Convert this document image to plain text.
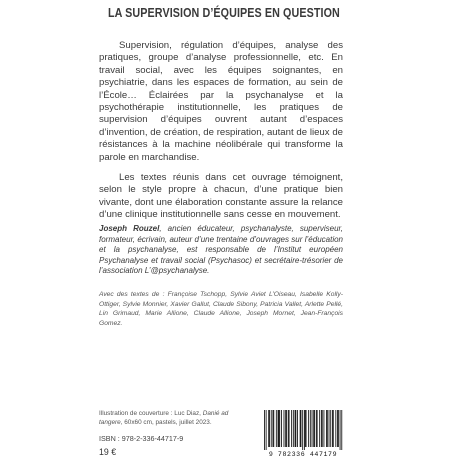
LA SUPERVISION D’ÉQUIPES EN QUESTION

Supervision, régulation d’équipes, analyse des pratiques, groupe d’analyse professionnelle, etc. En travail social, avec les équipes soignantes, en psychiatrie, dans les espaces de formation, au sein de l’École… Éclairées par la psychanalyse et la psychothérapie institutionnelle, les pratiques de supervision d’équipes ouvrent autant d’espaces d’invention, de création, de respiration, autant de lieux de résistances à la machine néolibérale qui transforme la parole en marchandise.

Les textes réunis dans cet ouvrage témoignent, selon le style propre à chacun, d’une pratique bien vivante, dont une élaboration constante assure la relance d’une clinique institutionnelle sans cesse en mouvement.

Joseph Rouzel, ancien éducateur, psychanalyste, superviseur, formateur, écrivain, auteur d’une trentaine d’ouvrages sur l’éducation et la psychanalyse, est responsable de l’Institut européen Psychanalyse et travail social (Psychasoc) et secrétaire-trésorier de l’association L’@psychanalyse.
Avec des textes de : Françoise Tschopp, Sylvie Aviet L’Oiseau, Isabelle Kolly-Ottiger, Sylvie Monnier, Xavier Gallut, Claude Sibony, Patricia Vallet, Arlette Pellé, Lin Grimaud, Marie Allione, Claude Allione, Joseph Mornet, Jean-François Gomez.
Illustration de couverture : Luc Diaz, Danié ad tangere, 60x60 cm, pastels, juillet 2023.
ISBN : 978-2-336-44717-9
19 €	9 782336 447179
